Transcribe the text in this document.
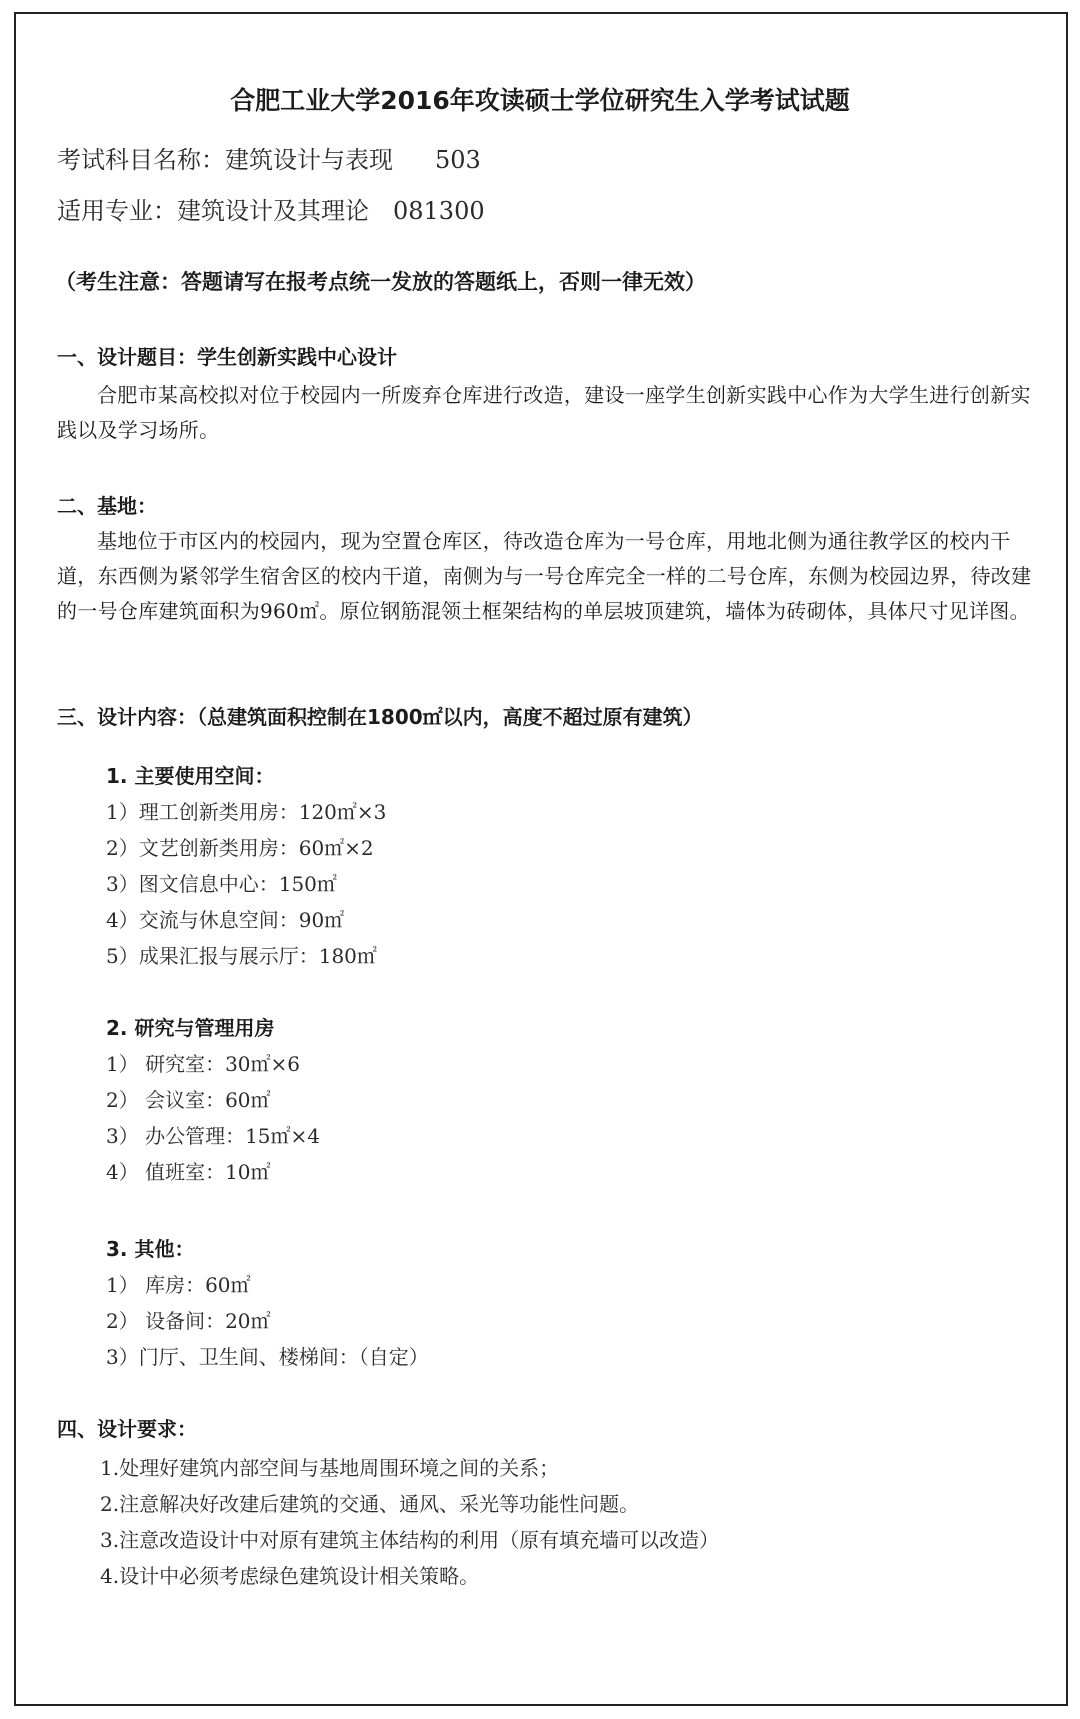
合肥工业大学2016年攻读硕士学位研究生入学考试试题
考试科目名称：建筑设计与表现 503
适用专业：建筑设计及其理论 081300
（考生注意：答题请写在报考点统一发放的答题纸上，否则一律无效）
一、设计题目：学生创新实践中心设计
合肥市某高校拟对位于校园内一所废弃仓库进行改造，建设一座学生创新实践中心作为大学生进行创新实践以及学习场所。
二、基地：
基地位于市区内的校园内，现为空置仓库区，待改造仓库为一号仓库，用地北侧为通往教学区的校内干道，东西侧为紧邻学生宿舍区的校内干道，南侧为与一号仓库完全一样的二号仓库，东侧为校园边界，待改建的一号仓库建筑面积为960㎡。原位钢筋混领土框架结构的单层坡顶建筑，墙体为砖砌体，具体尺寸见详图。
三、设计内容：（总建筑面积控制在1800㎡以内，高度不超过原有建筑）
1. 主要使用空间：
1）理工创新类用房：120㎡×3
2）文艺创新类用房：60㎡×2
3）图文信息中心：150㎡
4）交流与休息空间：90㎡
5）成果汇报与展示厅：180㎡
2. 研究与管理用房
1） 研究室：30㎡×6
2） 会议室：60㎡
3） 办公管理：15㎡×4
4） 值班室：10㎡
3. 其他：
1） 库房：60㎡
2） 设备间：20㎡
3）门厅、卫生间、楼梯间：（自定）
四、设计要求：
1.处理好建筑内部空间与基地周围环境之间的关系；
2.注意解决好改建后建筑的交通、通风、采光等功能性问题。
3.注意改造设计中对原有建筑主体结构的利用（原有填充墙可以改造）
4.设计中必须考虑绿色建筑设计相关策略。
